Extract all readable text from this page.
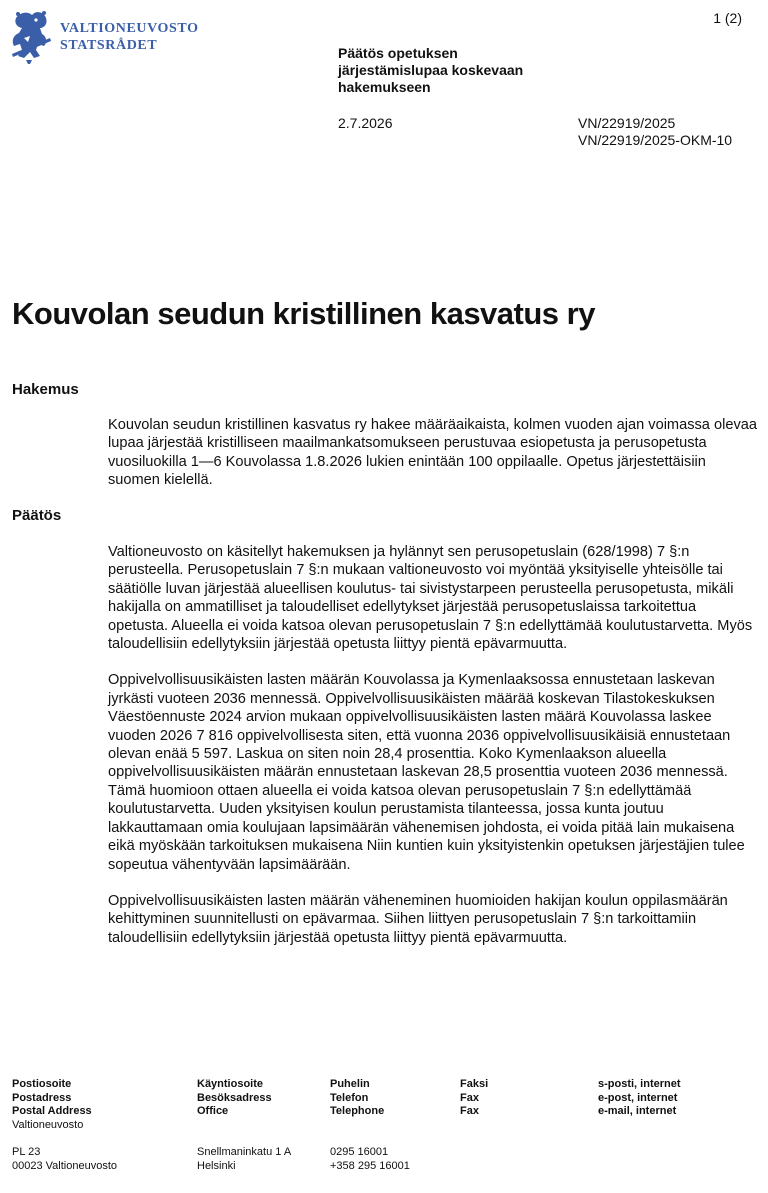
VALTIONEUVOSTO
STATSRÅDET
1 (2)
Päätös opetuksen
järjestämislupaa koskevaan
hakemukseen
2.7.2026	VN/22919/2025
VN/22919/2025-OKM-10
Kouvolan seudun kristillinen kasvatus ry
Hakemus

Kouvolan seudun kristillinen kasvatus ry hakee määräaikaista, kolmen vuoden ajan voimassa olevaa lupaa järjestää kristilliseen maailmankatsomukseen perustuvaa esiopetusta ja perusopetusta vuosiluokilla 1—6 Kouvolassa 1.8.2026 lukien enintään 100 oppilaalle. Opetus järjestettäisiin suomen kielellä.

Päätös

Valtioneuvosto on käsitellyt hakemuksen ja hylännyt sen perusopetuslain (628/1998) 7 §:n perusteella. Perusopetuslain 7 §:n mukaan valtioneuvosto voi myöntää yksityiselle yhteisölle tai säätiölle luvan järjestää alueellisen koulutus- tai sivistystarpeen perusteella perusopetusta, mikäli hakijalla on ammatilliset ja taloudelliset edellytykset järjestää perusopetuslaissa tarkoitettua opetusta. Alueella ei voida katsoa olevan perusopetuslain 7 §:n edellyttämää koulutustarvetta. Myös taloudellisiin edellytyksiin järjestää opetusta liittyy pientä epävarmuutta.

Oppivelvollisuusikäisten lasten määrän Kouvolassa ja Kymenlaaksossa ennustetaan laskevan jyrkästi vuoteen 2036 mennessä. Oppivelvollisuusikäisten määrää koskevan Tilastokeskuksen Väestöennuste 2024 arvion mukaan oppivelvollisuusikäisten lasten määrä Kouvolassa laskee vuoden 2026 7 816 oppivelvollisesta siten, että vuonna 2036 oppivelvollisuusikäisiä ennustetaan olevan enää 5 597. Laskua on siten noin 28,4 prosenttia. Koko Kymenlaakson alueella oppivelvollisuusikäisten määrän ennustetaan laskevan 28,5 prosenttia vuoteen 2036 mennessä. Tämä huomioon ottaen alueella ei voida katsoa olevan perusopetuslain 7 §:n edellyttämää koulutustarvetta. Uuden yksityisen koulun perustamista tilanteessa, jossa kunta joutuu lakkauttamaan omia koulujaan lapsimäärän vähenemisen johdosta, ei voida pitää lain mukaisena eikä myöskään tarkoituksen mukaisena Niin kuntien kuin yksityistenkin opetuksen järjestäjien tulee sopeutua vähentyvään lapsimäärään.

Oppivelvollisuusikäisten lasten määrän väheneminen huomioiden hakijan koulun oppilasmäärän kehittyminen suunnitellusti on epävarmaa. Siihen liittyen perusopetuslain 7 §:n tarkoittamiin taloudellisiin edellytyksiin järjestää opetusta liittyy pientä epävarmuutta.

Postiosoite
Postadress
Postal Address
Valtioneuvosto
PL 23
00023 Valtioneuvosto
Käyntiosoite
Besöksadress
Office
Snellmaninkatu 1 A
Helsinki
Puhelin
Telefon
Telephone
0295 16001
+358 295 16001
Faksi
Fax
Fax
s-posti, internet
e-post, internet
e-mail, internet
